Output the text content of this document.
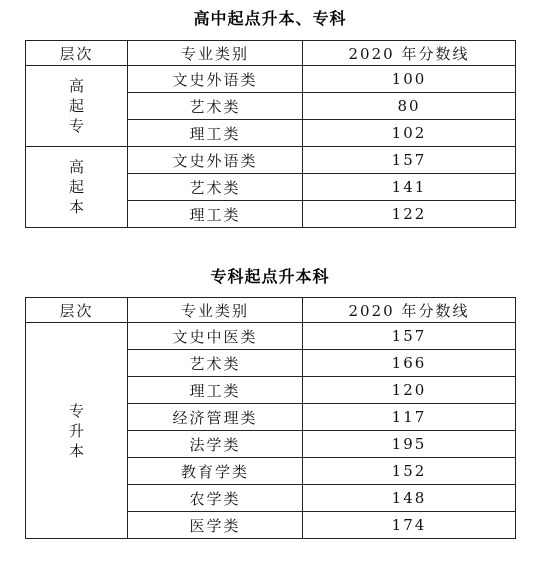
高中起点升本、专科
层次	专业类别	2020 年分数线
高起专	文史外语类	100
	艺术类	80
	理工类	102
高起本	文史外语类	157
	艺术类	141
	理工类	122
专科起点升本科
层次	专业类别	2020 年分数线
专升本	文史中医类	157
	艺术类	166
	理工类	120
	经济管理类	117
	法学类	195
	教育学类	152
	农学类	148
	医学类	174
